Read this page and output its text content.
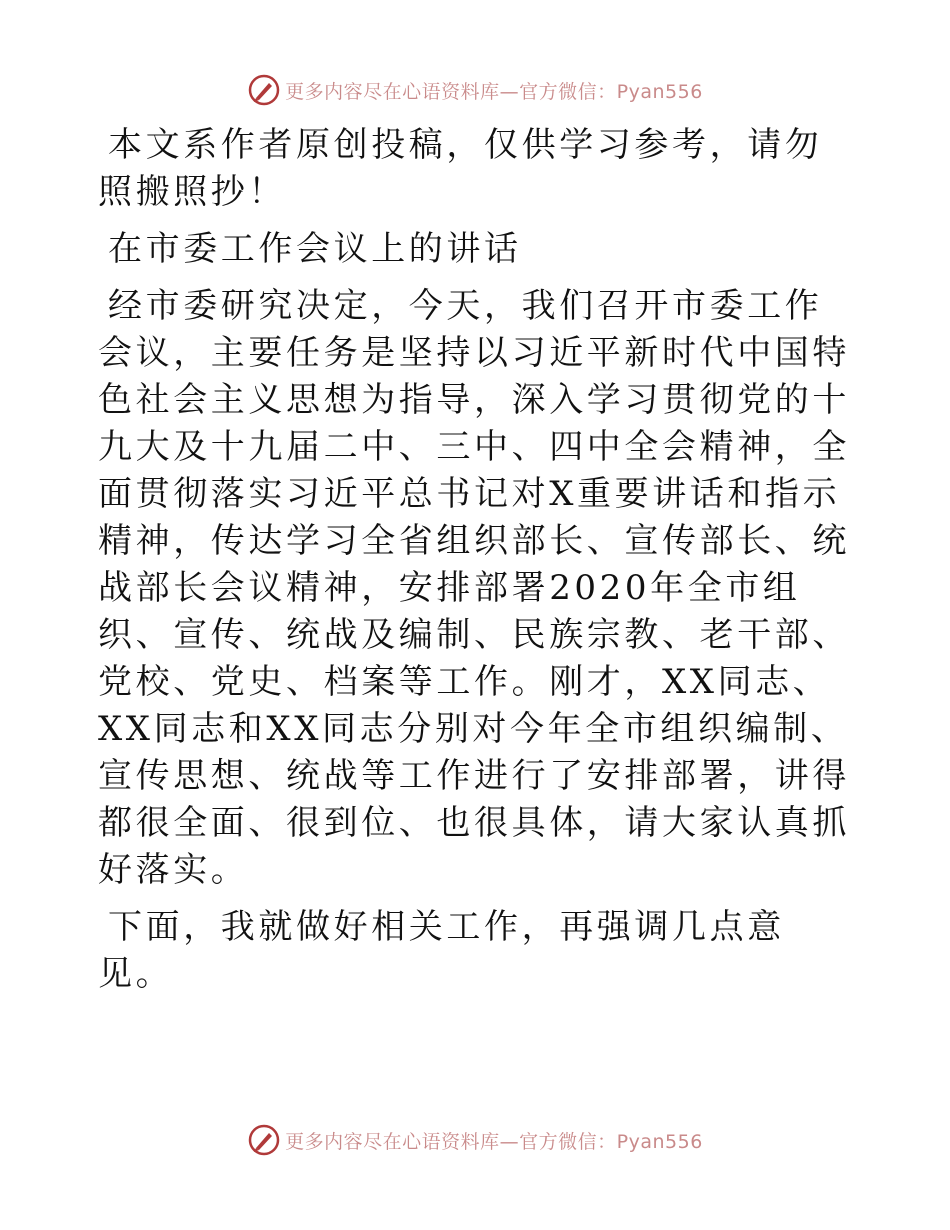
更多内容尽在心语资料库—官方微信：Pyan556

本文系作者原创投稿，仅供学习参考，请勿照搬照抄！

在市委工作会议上的讲话

经市委研究决定，今天，我们召开市委工作会议，主要任务是坚持以习近平新时代中国特色社会主义思想为指导，深入学习贯彻党的十九大及十九届二中、三中、四中全会精神，全面贯彻落实习近平总书记对X重要讲话和指示精神，传达学习全省组织部长、宣传部长、统战部长会议精神，安排部署2020年全市组织、宣传、统战及编制、民族宗教、老干部、党校、党史、档案等工作。刚才，XX同志、XX同志和XX同志分别对今年全市组织编制、宣传思想、统战等工作进行了安排部署，讲得都很全面、很到位、也很具体，请大家认真抓好落实。

下面，我就做好相关工作，再强调几点意见。

更多内容尽在心语资料库—官方微信：Pyan556
